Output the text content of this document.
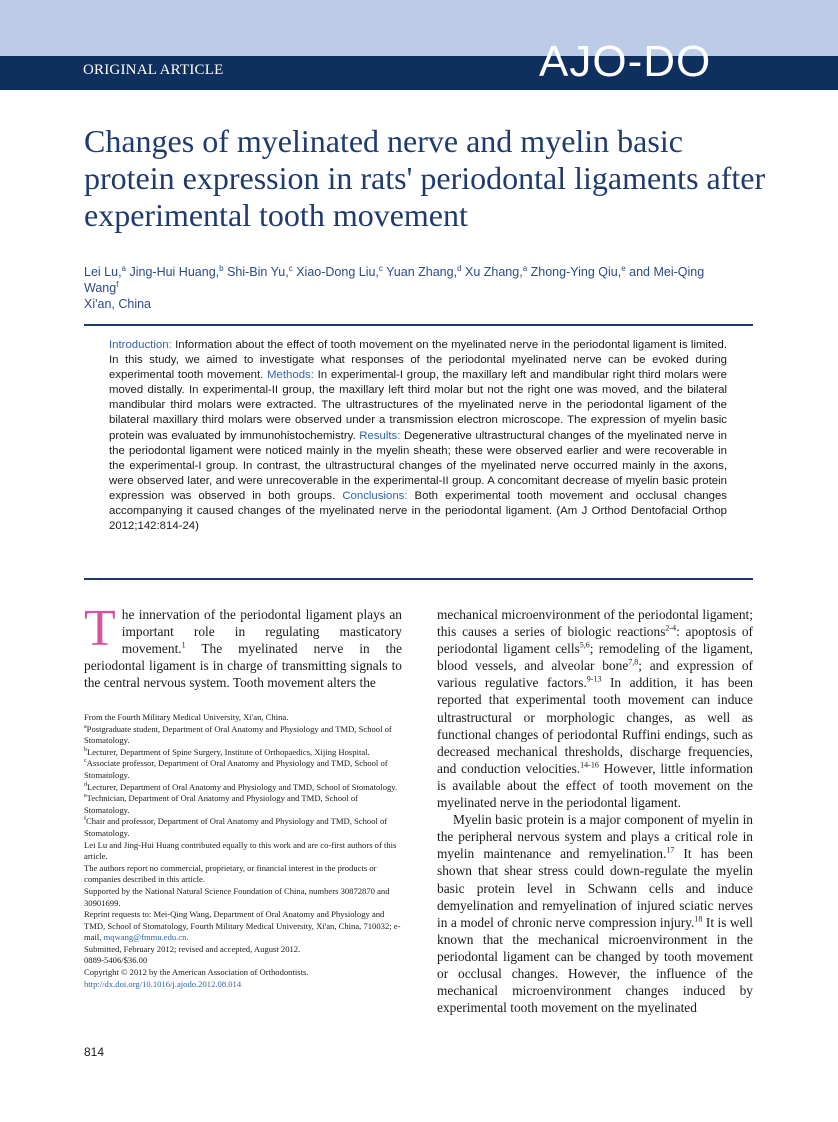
ORIGINAL ARTICLE	AJO-DO
Changes of myelinated nerve and myelin basic protein expression in rats' periodontal ligaments after experimental tooth movement
Lei Lu,$^a$ Jing-Hui Huang,$^b$ Shi-Bin Yu,$^c$ Xiao-Dong Liu,$^c$ Yuan Zhang,$^d$ Xu Zhang,$^a$ Zhong-Ying Qiu,$^e$ and Mei-Qing Wang$^f$
Xi'an, China
Introduction: Information about the effect of tooth movement on the myelinated nerve in the periodontal ligament is limited. In this study, we aimed to investigate what responses of the periodontal myelinated nerve can be evoked during experimental tooth movement. Methods: In experimental-I group, the maxillary left and mandibular right third molars were moved distally. In experimental-II group, the maxillary left third molar but not the right one was moved, and the bilateral mandibular third molars were extracted. The ultrastructures of the myelinated nerve in the periodontal ligament of the bilateral maxillary third molars were observed under a transmission electron microscope. The expression of myelin basic protein was evaluated by immunohistochemistry. Results: Degenerative ultrastructural changes of the myelinated nerve in the periodontal ligament were noticed mainly in the myelin sheath; these were observed earlier and were recoverable in the experimental-I group. In contrast, the ultrastructural changes of the myelinated nerve occurred mainly in the axons, were observed later, and were unrecoverable in the experimental-II group. A concomitant decrease of myelin basic protein expression was observed in both groups. Conclusions: Both experimental tooth movement and occlusal changes accompanying it caused changes of the myelinated nerve in the periodontal ligament. (Am J Orthod Dentofacial Orthop 2012;142:814-24)

The innervation of the periodontal ligament plays an important role in regulating masticatory movement.$^1$ The myelinated nerve in the periodontal ligament is in charge of transmitting signals to the central nervous system. Tooth movement alters the

From the Fourth Military Medical University, Xi'an, China.
$^a$Postgraduate student, Department of Oral Anatomy and Physiology and TMD, School of Stomatology.
$^b$Lecturer, Department of Spine Surgery, Institute of Orthopaedics, Xijing Hospital.
$^c$Associate professor, Department of Oral Anatomy and Physiology and TMD, School of Stomatology.
$^d$Lecturer, Department of Oral Anatomy and Physiology and TMD, School of Stomatology.
$^e$Technician, Department of Oral Anatomy and Physiology and TMD, School of Stomatology.
$^f$Chair and professor, Department of Oral Anatomy and Physiology and TMD, School of Stomatology.
Lei Lu and Jing-Hui Huang contributed equally to this work and are co-first authors of this article.
The authors report no commercial, proprietary, or financial interest in the products or companies described in this article.
Supported by the National Natural Science Foundation of China, numbers 30872870 and 30901699.
Reprint requests to: Mei-Qing Wang, Department of Oral Anatomy and Physiology and TMD, School of Stomatology, Fourth Military Medical University, Xi'an, China, 710032; e-mail, mqwang@fmmu.edu.cn.
Submitted, February 2012; revised and accepted, August 2012.
0889-5406/$36.00
Copyright © 2012 by the American Association of Orthodontists.
http://dx.doi.org/10.1016/j.ajodo.2012.08.014

mechanical microenvironment of the periodontal ligament; this causes a series of biologic reactions$^{2-4}$: apoptosis of periodontal ligament cells$^{5,6}$; remodeling of the ligament, blood vessels, and alveolar bone$^{7,8}$; and expression of various regulative factors.$^{9-13}$ In addition, it has been reported that experimental tooth movement can induce ultrastructural or morphologic changes, as well as functional changes of periodontal Ruffini endings, such as decreased mechanical thresholds, discharge frequencies, and conduction velocities.$^{14-16}$ However, little information is available about the effect of tooth movement on the myelinated nerve in the periodontal ligament.

Myelin basic protein is a major component of myelin in the peripheral nervous system and plays a critical role in myelin maintenance and remyelination.$^{17}$ It has been shown that shear stress could down-regulate the myelin basic protein level in Schwann cells and induce demyelination and remyelination of injured sciatic nerves in a model of chronic nerve compression injury.$^{18}$ It is well known that the mechanical microenvironment in the periodontal ligament can be changed by tooth movement or occlusal changes. However, the influence of the mechanical microenvironment changes induced by experimental tooth movement on the myelinated

814
